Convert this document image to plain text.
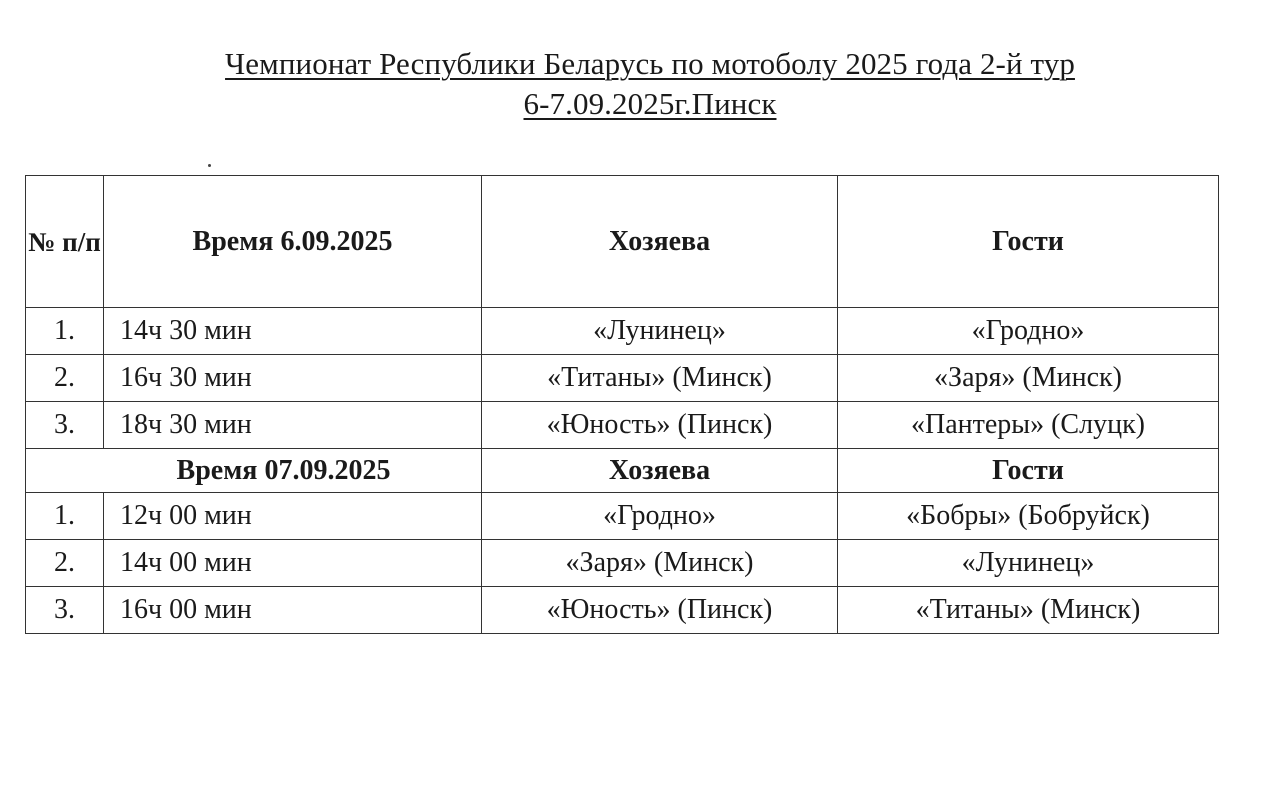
Чемпионат Республики Беларусь по мотоболу 2025 года 2-й тур
6-7.09.2025г.Пинск
№ п/п	Время 6.09.2025	Хозяева	Гости
1.	14ч 30 мин	«Лунинец»	«Гродно»
2.	16ч 30 мин	«Титаны» (Минск)	«Заря» (Минск)
3.	18ч 30 мин	«Юность» (Пинск)	«Пантеры» (Слуцк)
Время 07.09.2025		Хозяева	Гости
1.	12ч 00 мин	«Гродно»	«Бобры» (Бобруйск)
2.	14ч 00 мин	«Заря» (Минск)	«Лунинец»
3.	16ч 00 мин	«Юность» (Пинск)	«Титаны» (Минск)
